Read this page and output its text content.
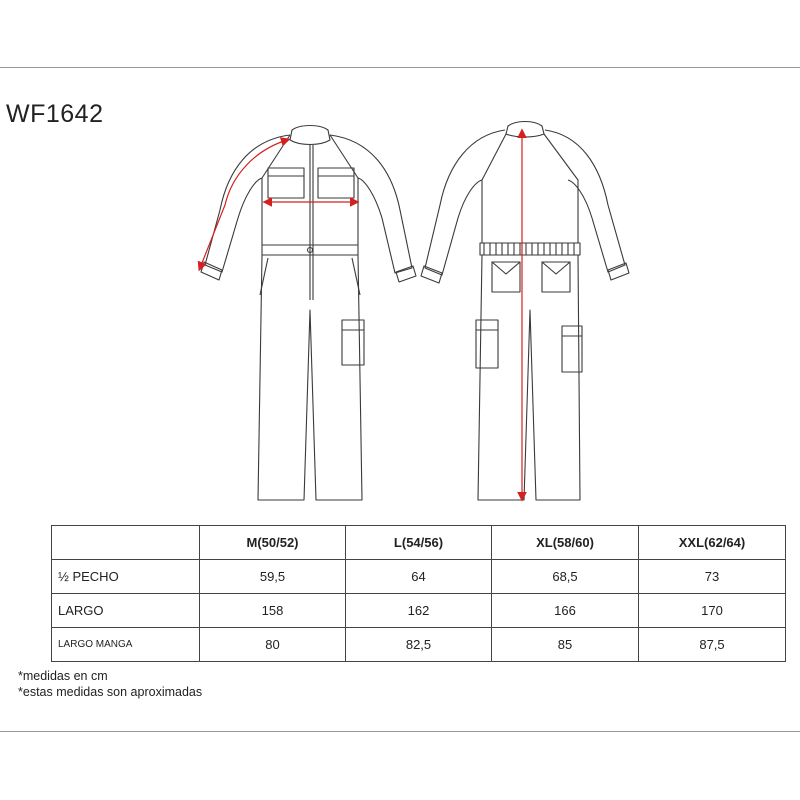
WF1642
	M(50/52)	L(54/56)	XL(58/60)	XXL(62/64)
½ PECHO	59,5	64	68,5	73
LARGO	158	162	166	170
LARGO MANGA	80	82,5	85	87,5
*medidas en cm
*estas medidas son aproximadas
